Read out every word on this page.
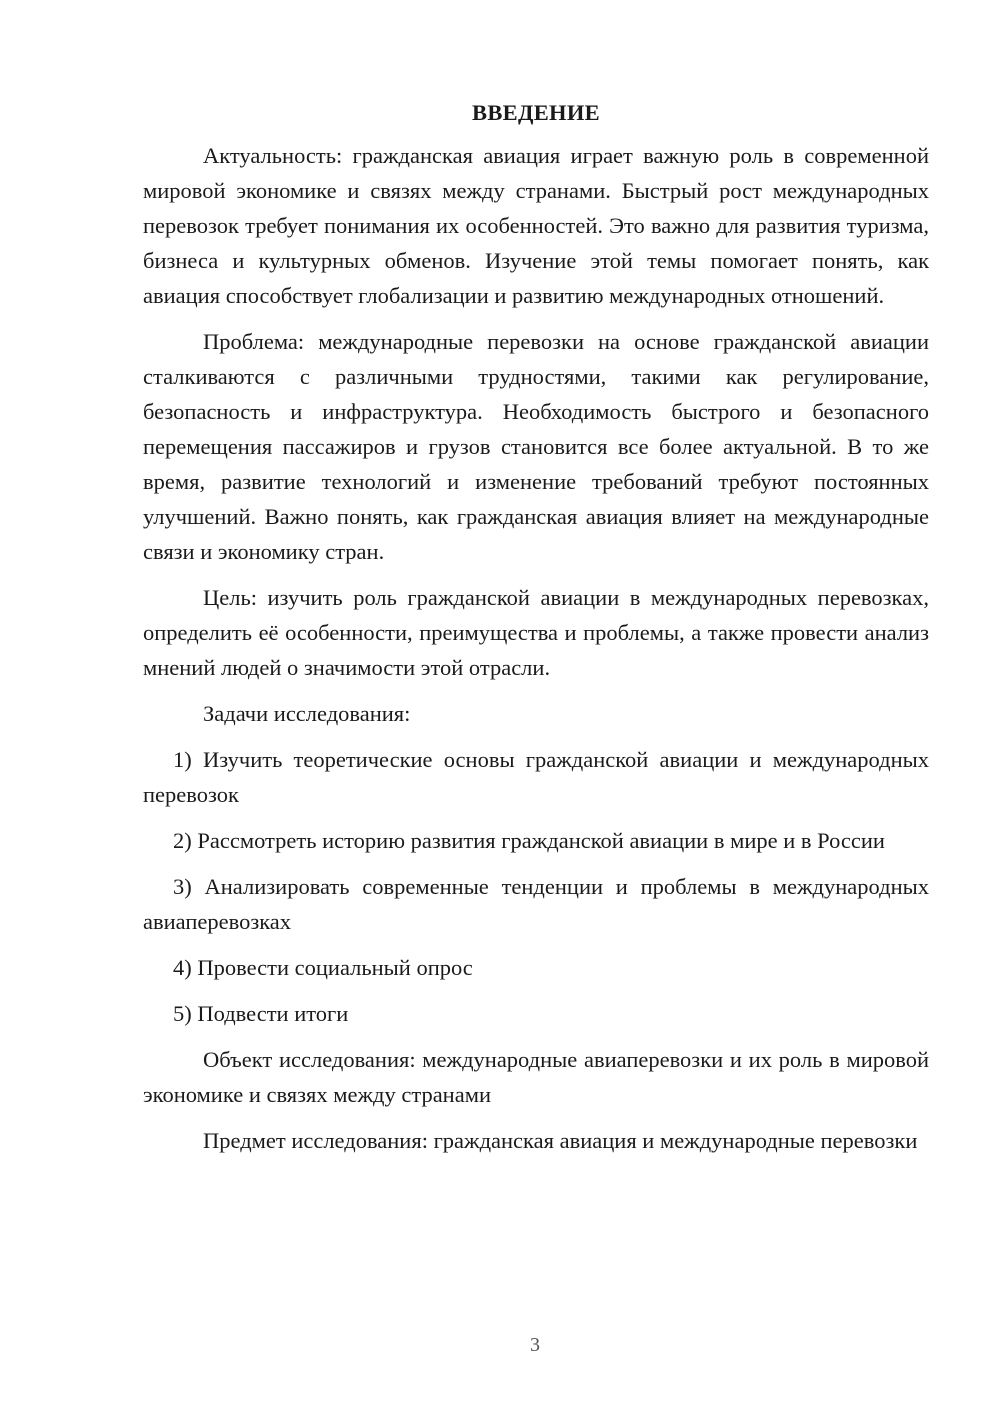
ВВЕДЕНИЕ

Актуальность: гражданская авиация играет важную роль в современной мировой экономике и связях между странами. Быстрый рост международных перевозок требует понимания их особенностей. Это важно для развития туризма, бизнеса и культурных обменов. Изучение этой темы помогает понять, как авиация способствует глобализации и развитию международных отношений.

Проблема: международные перевозки на основе гражданской авиации сталкиваются с различными трудностями, такими как регулирование, безопасность и инфраструктура. Необходимость быстрого и безопасного перемещения пассажиров и грузов становится все более актуальной. В то же время, развитие технологий и изменение требований требуют постоянных улучшений. Важно понять, как гражданская авиация влияет на международные связи и экономику стран.

Цель: изучить роль гражданской авиации в международных перевозках, определить её особенности, преимущества и проблемы, а также провести анализ мнений людей о значимости этой отрасли.

Задачи исследования:

1) Изучить теоретические основы гражданской авиации и международных перевозок

2) Рассмотреть историю развития гражданской авиации в мире и в России

3) Анализировать современные тенденции и проблемы в международных авиаперевозках

4) Провести социальный опрос

5) Подвести итоги

Объект исследования: международные авиаперевозки и их роль в мировой экономике и связях между странами

Предмет исследования: гражданская авиация и международные перевозки

3
